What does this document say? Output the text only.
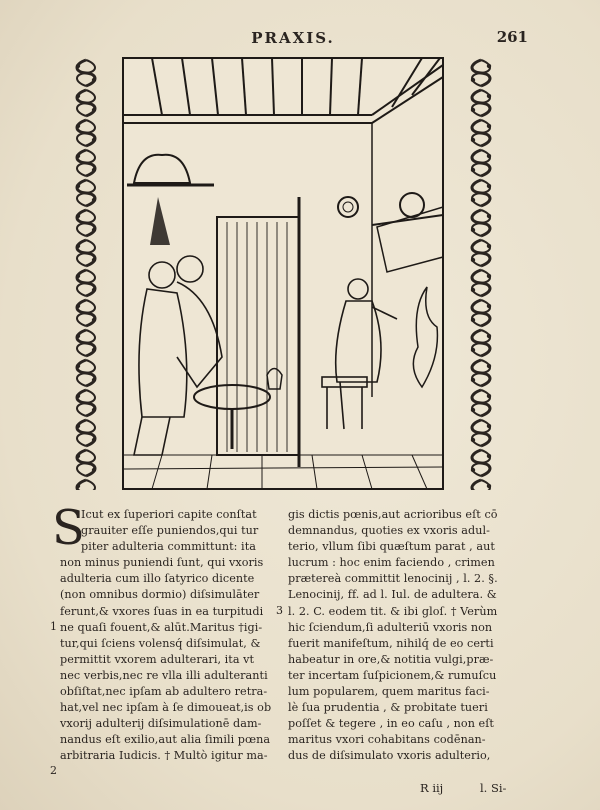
PRAXIS.	261
S
Icut ex ſuperiori capite conſtat
grauiter eſſe puniendos,qui tur
piter adulteria committunt: ita
non minus puniendi ſunt, qui vxoris
adulteria cum illo ſatyrico dicente
(non omnibus dormio) diſsimulāter
ferunt,& vxores ſuas in ea turpitudi
ne quaſi fouent,& alūt.Maritus †igi-
tur,qui ſciens volensq́ diſsimulat, &
permittit vxorem adulterari, ita vt
nec verbis,nec re vlla illi adulteranti
obſiſtat,nec ipſam ab adultero retra-
hat,vel nec ipſam à ſe dimoueat,is ob
vxorij adulterij diſsimulationē dam-
nandus eſt exilio,aut alia ſimili pœna
arbitraria Iudicis. † Multò igitur ma-
gis dictis pœnis,aut acrioribus eſt cō
demnandus, quoties ex vxoris adul-
terio, vllum ſibi quæſtum parat , aut
lucrum : hoc enim faciendo , crimen
prætereà committit lenocinij , l. 2. §.
Lenocinij, ff. ad l. Iul. de adultera. &
l. 2. C. eodem tit. & ibi gloſ. † Verùm
hic ſciendum,ſi adulteriū vxoris non
fuerit manifeſtum, nihilq́ de eo certi
habeatur in ore,& notitia vulgi,præ-
ter incertam ſuſpicionem,& rumuſcu
lum popularem, quem maritus faci-
lè ſua prudentia , & probitate tueri
poſſet & tegere , in eo caſu , non eſt
maritus vxori cohabitans codēnan-
dus de diſsimulato vxoris adulterio,
1
3
2
R iij	l. Si-
